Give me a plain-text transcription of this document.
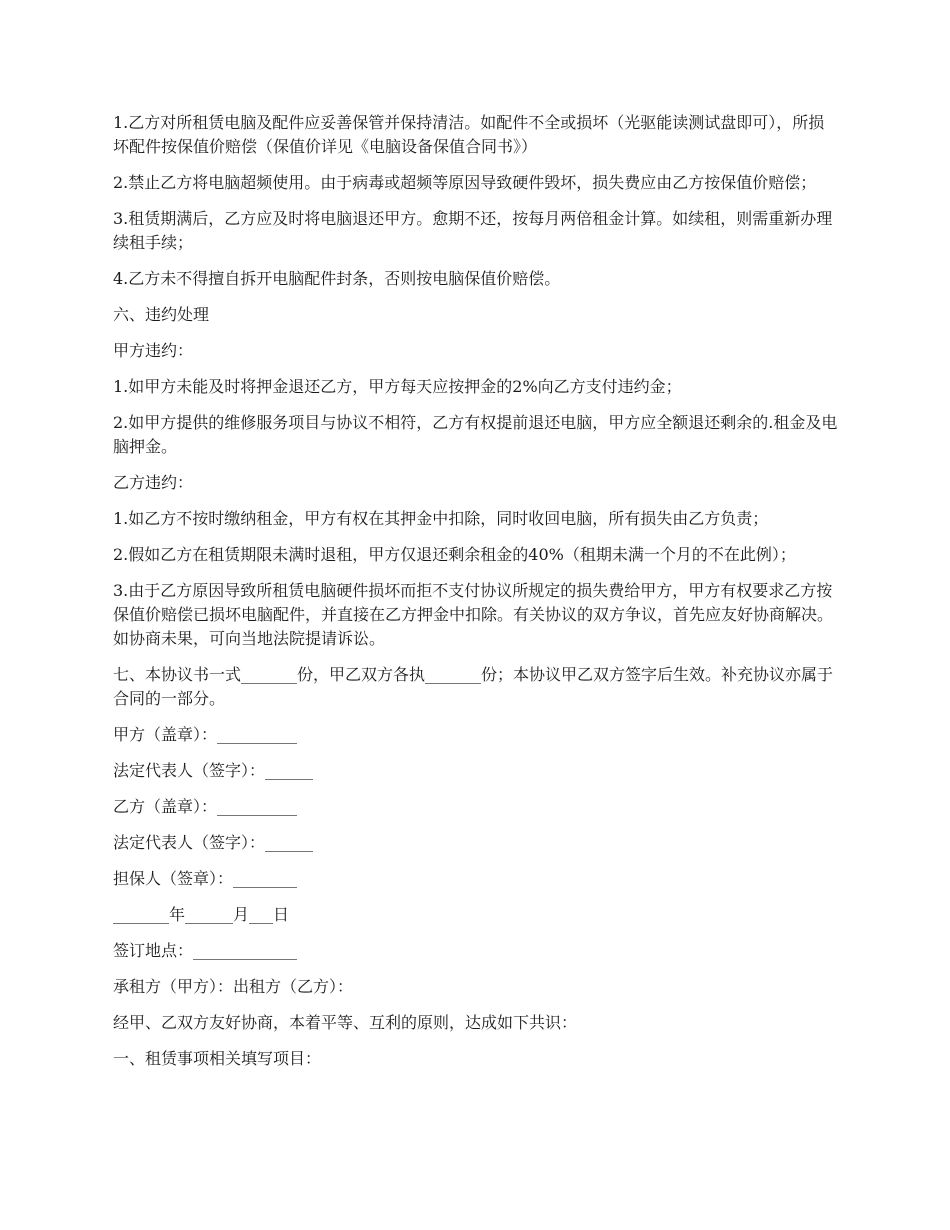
1.乙方对所租赁电脑及配件应妥善保管并保持清洁。如配件不全或损坏（光驱能读测试盘即可），所损坏配件按保值价赔偿（保值价详见《电脑设备保值合同书》）

2.禁止乙方将电脑超频使用。由于病毒或超频等原因导致硬件毁坏，损失费应由乙方按保值价赔偿；

3.租赁期满后，乙方应及时将电脑退还甲方。愈期不还，按每月两倍租金计算。如续租，则需重新办理续租手续；

4.乙方未不得擅自拆开电脑配件封条，否则按电脑保值价赔偿。

六、违约处理

甲方违约：

1.如甲方未能及时将押金退还乙方，甲方每天应按押金的2%向乙方支付违约金；

2.如甲方提供的维修服务项目与协议不相符，乙方有权提前退还电脑，甲方应全额退还剩余的.租金及电脑押金。

乙方违约：

1.如乙方不按时缴纳租金，甲方有权在其押金中扣除，同时收回电脑，所有损失由乙方负责；

2.假如乙方在租赁期限未满时退租，甲方仅退还剩余租金的40%（租期未满一个月的不在此例）；

3.由于乙方原因导致所租赁电脑硬件损坏而拒不支付协议所规定的损失费给甲方，甲方有权要求乙方按保值价赔偿已损坏电脑配件，并直接在乙方押金中扣除。有关协议的双方争议，首先应友好协商解决。如协商未果，可向当地法院提请诉讼。

七、本协议书一式_______份，甲乙双方各执_______份；本协议甲乙双方签字后生效。补充协议亦属于合同的一部分。

甲方（盖章）：__________

法定代表人（签字）：______

乙方（盖章）：__________

法定代表人（签字）：______

担保人（签章）：________

_______年______月___日

签订地点：_____________

承租方（甲方）：出租方（乙方）：

经甲、乙双方友好协商，本着平等、互利的原则，达成如下共识：

一、租赁事项相关填写项目：
